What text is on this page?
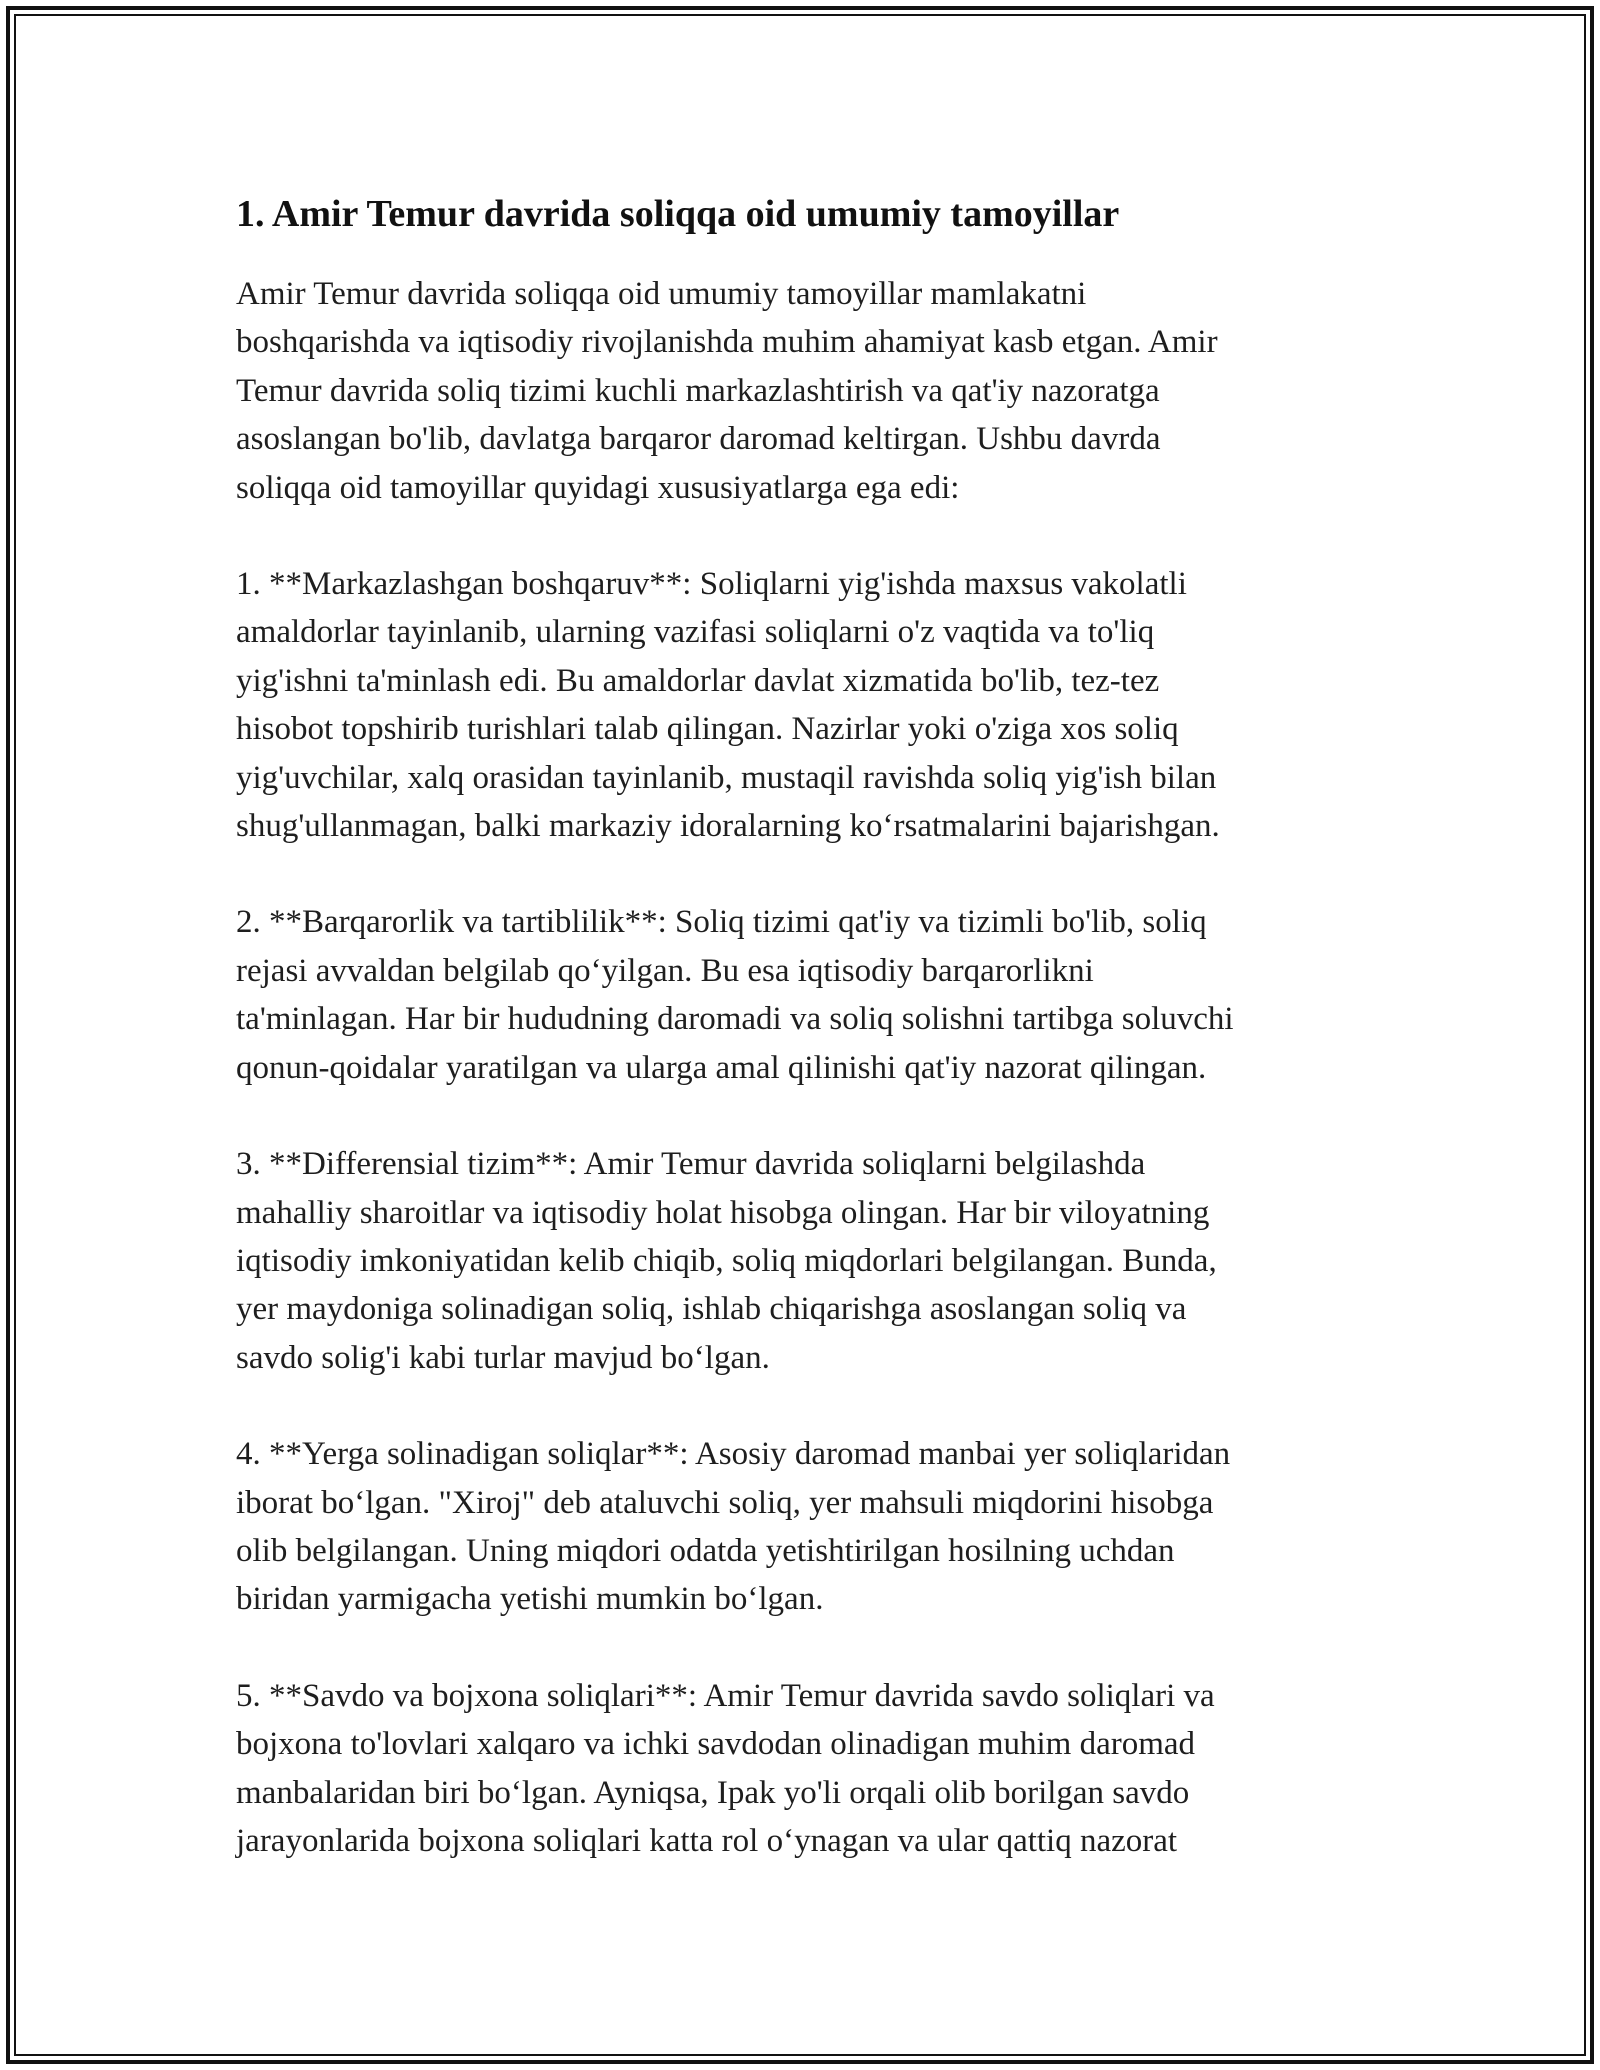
1. Amir Temur davrida soliqqa oid umumiy tamoyillar

Amir Temur davrida soliqqa oid umumiy tamoyillar mamlakatni
boshqarishda va iqtisodiy rivojlanishda muhim ahamiyat kasb etgan. Amir
Temur davrida soliq tizimi kuchli markazlashtirish va qat'iy nazoratga
asoslangan bo'lib, davlatga barqaror daromad keltirgan. Ushbu davrda
soliqqa oid tamoyillar quyidagi xususiyatlarga ega edi:

1. **Markazlashgan boshqaruv**: Soliqlarni yig'ishda maxsus vakolatli
amaldorlar tayinlanib, ularning vazifasi soliqlarni o'z vaqtida va to'liq
yig'ishni ta'minlash edi. Bu amaldorlar davlat xizmatida bo'lib, tez-tez
hisobot topshirib turishlari talab qilingan. Nazirlar yoki o'ziga xos soliq
yig'uvchilar, xalq orasidan tayinlanib, mustaqil ravishda soliq yig'ish bilan
shug'ullanmagan, balki markaziy idoralarning ko‘rsatmalarini bajarishgan.

2. **Barqarorlik va tartiblilik**: Soliq tizimi qat'iy va tizimli bo'lib, soliq
rejasi avvaldan belgilab qo‘yilgan. Bu esa iqtisodiy barqarorlikni
ta'minlagan. Har bir hududning daromadi va soliq solishni tartibga soluvchi
qonun-qoidalar yaratilgan va ularga amal qilinishi qat'iy nazorat qilingan.

3. **Differensial tizim**: Amir Temur davrida soliqlarni belgilashda
mahalliy sharoitlar va iqtisodiy holat hisobga olingan. Har bir viloyatning
iqtisodiy imkoniyatidan kelib chiqib, soliq miqdorlari belgilangan. Bunda,
yer maydoniga solinadigan soliq, ishlab chiqarishga asoslangan soliq va
savdo solig'i kabi turlar mavjud bo‘lgan.

4. **Yerga solinadigan soliqlar**: Asosiy daromad manbai yer soliqlaridan
iborat bo‘lgan. "Xiroj" deb ataluvchi soliq, yer mahsuli miqdorini hisobga
olib belgilangan. Uning miqdori odatda yetishtirilgan hosilning uchdan
biridan yarmigacha yetishi mumkin bo‘lgan.

5. **Savdo va bojxona soliqlari**: Amir Temur davrida savdo soliqlari va
bojxona to'lovlari xalqaro va ichki savdodan olinadigan muhim daromad
manbalaridan biri bo‘lgan. Ayniqsa, Ipak yo'li orqali olib borilgan savdo
jarayonlarida bojxona soliqlari katta rol o‘ynagan va ular qattiq nazorat
